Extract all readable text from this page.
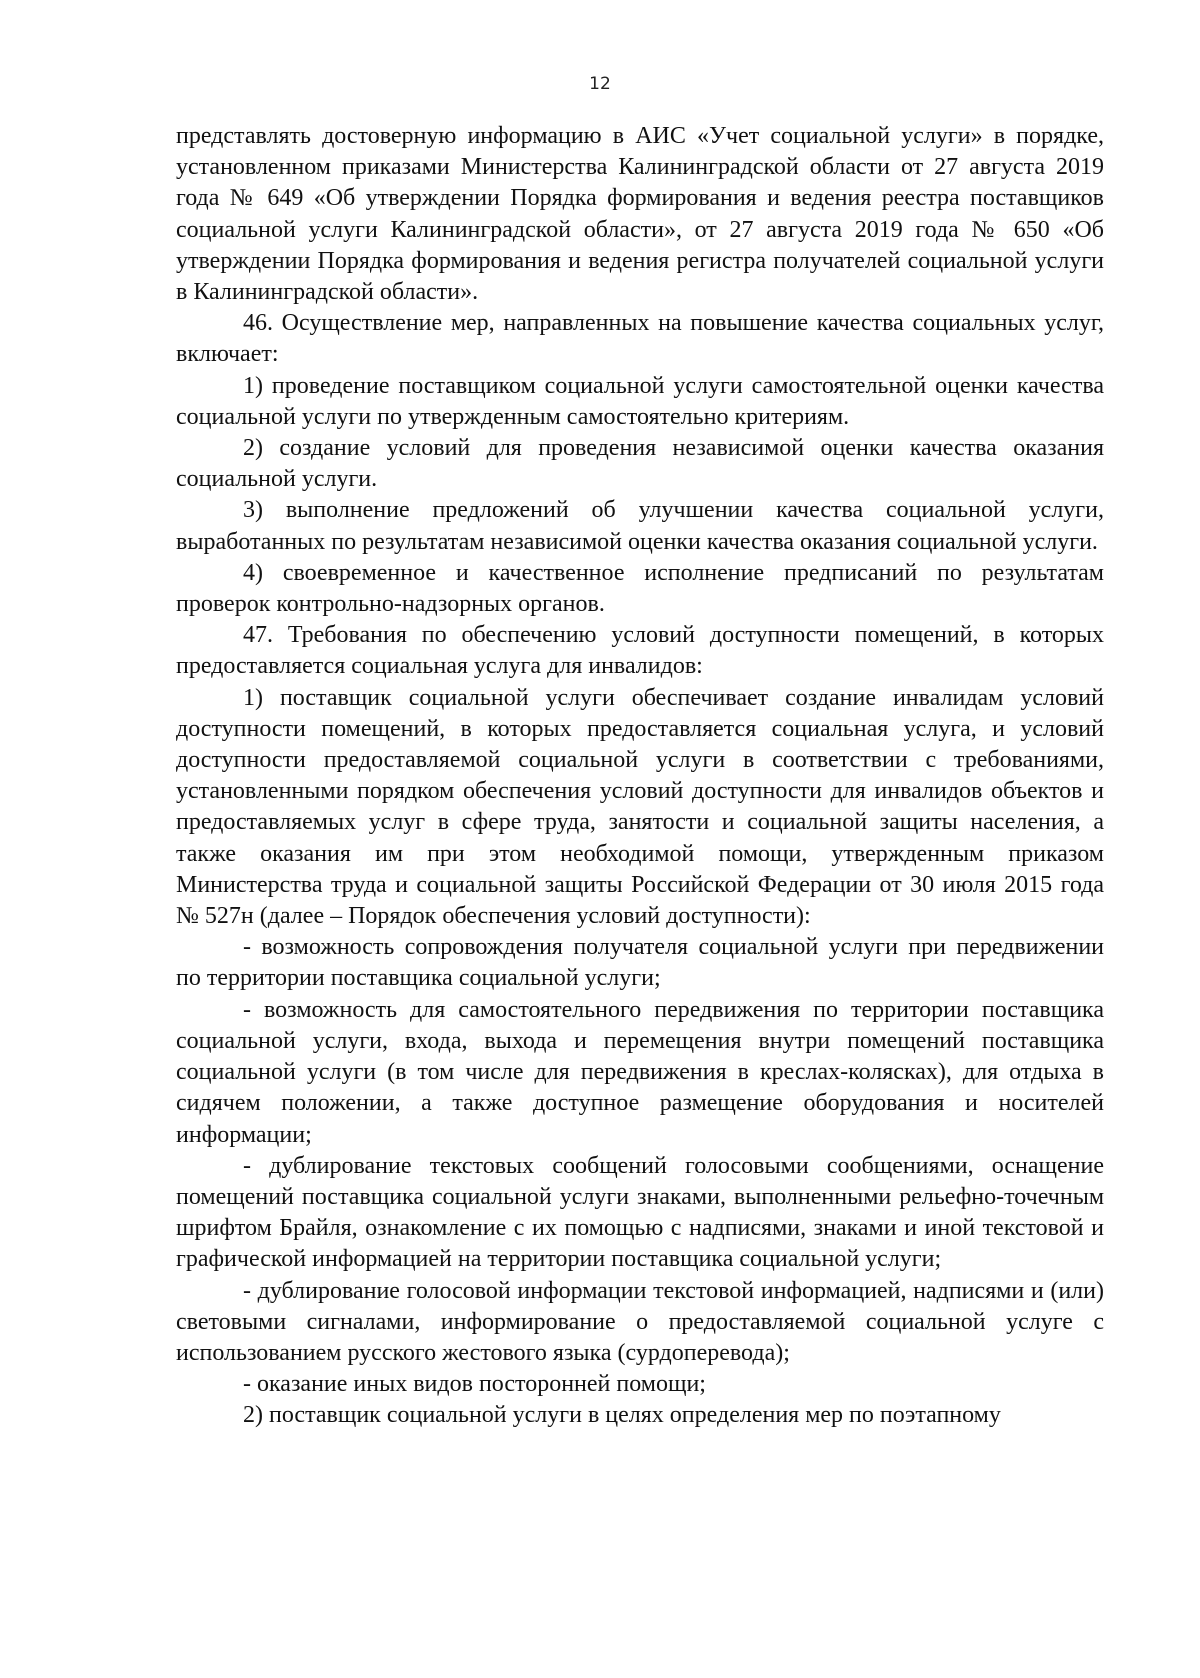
12

представлять достоверную информацию в АИС «Учет социальной услуги» в порядке, установленном приказами Министерства Калининградской области от 27 августа 2019 года № 649 «Об утверждении Порядка формирования и ведения реестра поставщиков социальной услуги Калининградской области», от 27 августа 2019 года № 650 «Об утверждении Порядка формирования и ведения регистра получателей социальной услуги в Калининградской области».

46. Осуществление мер, направленных на повышение качества социальных услуг, включает:

1) проведение поставщиком социальной услуги самостоятельной оценки качества социальной услуги по утвержденным самостоятельно критериям.

2) создание условий для проведения независимой оценки качества оказания социальной услуги.

3) выполнение предложений об улучшении качества социальной услуги, выработанных по результатам независимой оценки качества оказания социальной услуги.

4) своевременное и качественное исполнение предписаний по результатам проверок контрольно-надзорных органов.

47. Требования по обеспечению условий доступности помещений, в которых предоставляется социальная услуга для инвалидов:

1) поставщик социальной услуги обеспечивает создание инвалидам условий доступности помещений, в которых предоставляется социальная услуга, и условий доступности предоставляемой социальной услуги в соответствии с требованиями, установленными порядком обеспечения условий доступности для инвалидов объектов и предоставляемых услуг в сфере труда, занятости и социальной защиты населения, а также оказания им при этом необходимой помощи, утвержденным приказом Министерства труда и социальной защиты Российской Федерации от 30 июля 2015 года № 527н (далее – Порядок обеспечения условий доступности):

- возможность сопровождения получателя социальной услуги при передвижении по территории поставщика социальной услуги;

- возможность для самостоятельного передвижения по территории поставщика социальной услуги, входа, выхода и перемещения внутри помещений поставщика социальной услуги (в том числе для передвижения в креслах-колясках), для отдыха в сидячем положении, а также доступное размещение оборудования и носителей информации;

- дублирование текстовых сообщений голосовыми сообщениями, оснащение помещений поставщика социальной услуги знаками, выполненными рельефно-точечным шрифтом Брайля, ознакомление с их помощью с надписями, знаками и иной текстовой и графической информацией на территории поставщика социальной услуги;

- дублирование голосовой информации текстовой информацией, надписями и (или) световыми сигналами, информирование о предоставляемой социальной услуге с использованием русского жестового языка (сурдоперевода);

- оказание иных видов посторонней помощи;

2) поставщик социальной услуги в целях определения мер по поэтапному
